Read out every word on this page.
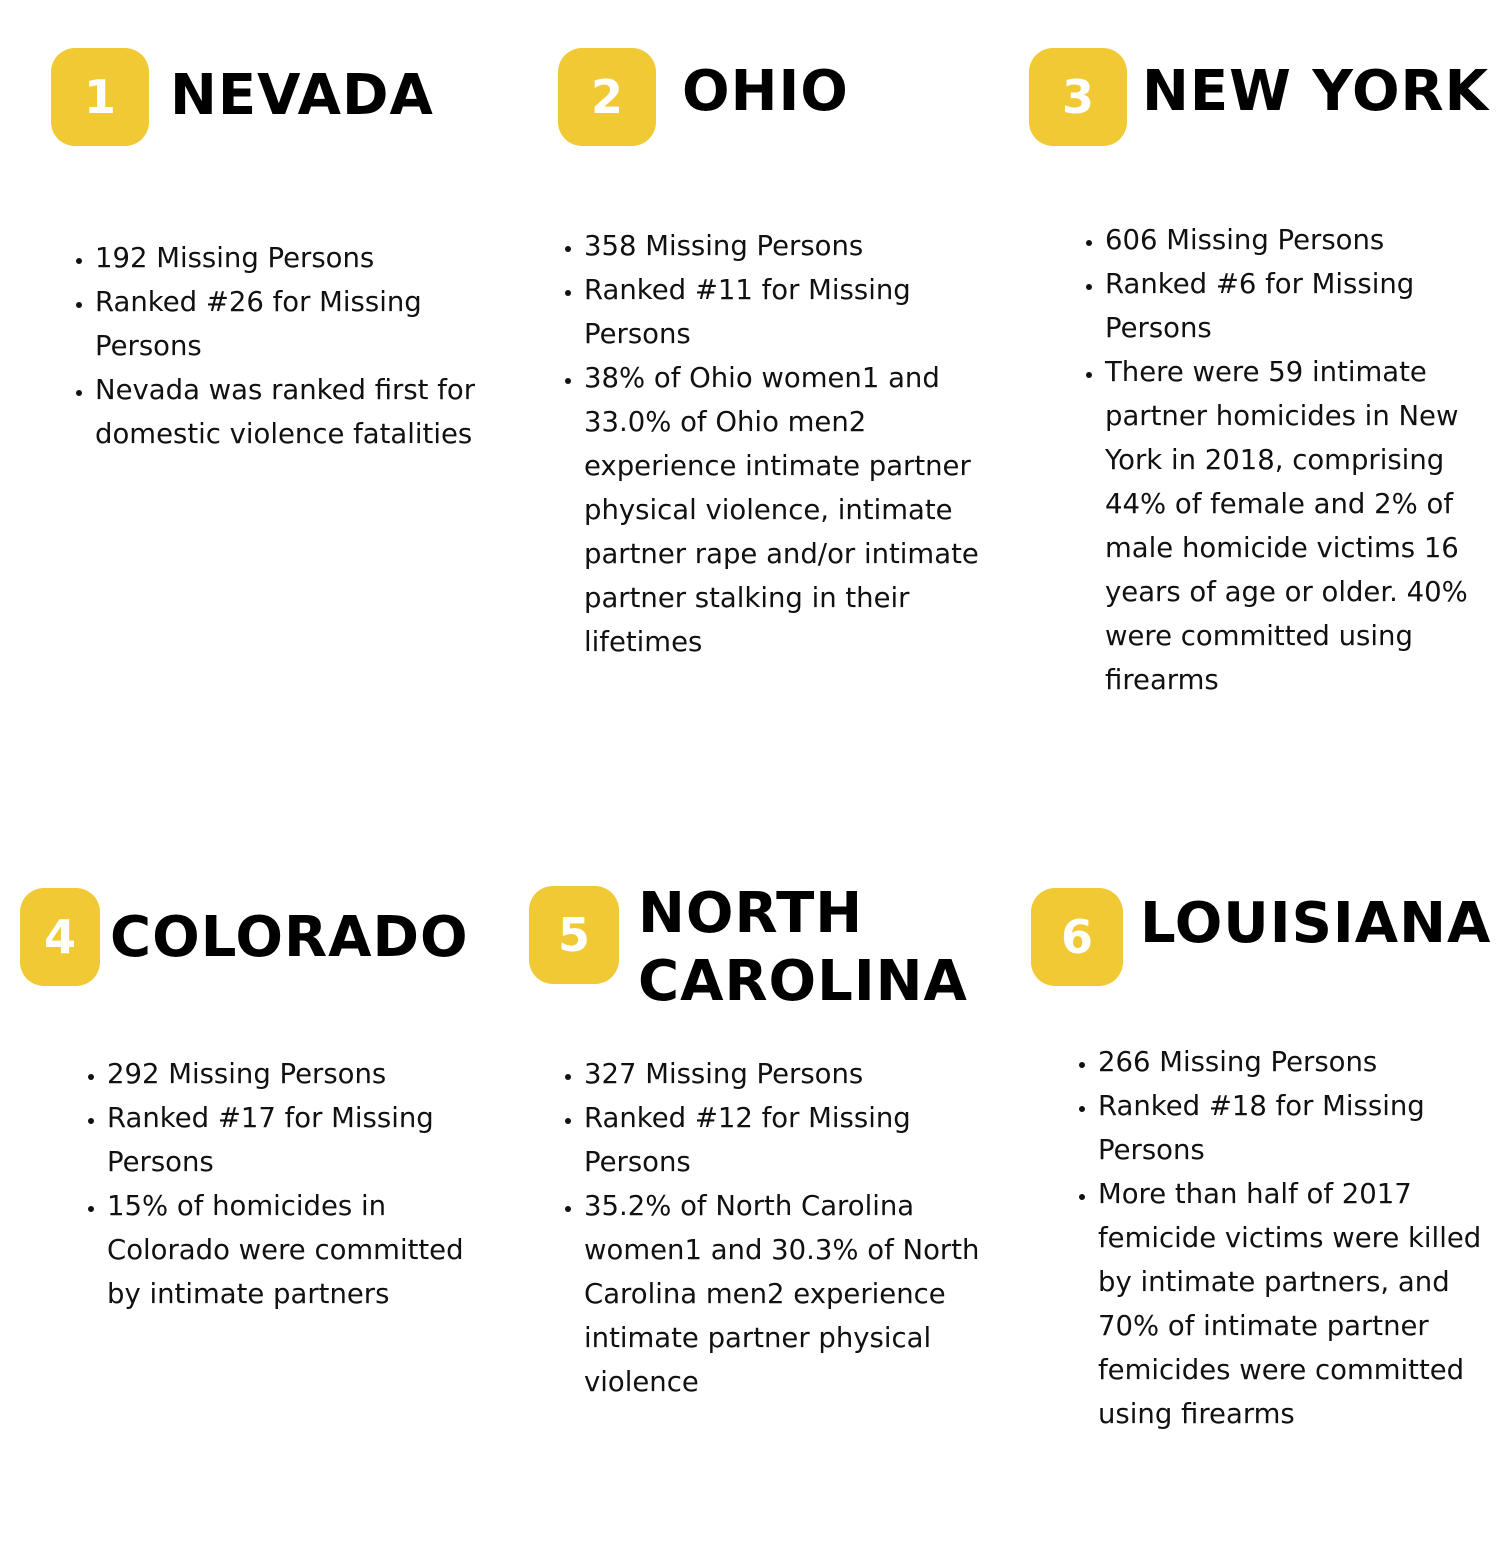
1 NEVADA
• 192 Missing Persons
• Ranked #26 for Missing Persons
• Nevada was ranked first for domestic violence fatalities
2	OHIO
• 358 Missing Persons
• Ranked #11 for Missing Persons
• 38% of Ohio women1 and 33.0% of Ohio men2 experience intimate partner physical violence, intimate partner rape and/or intimate partner stalking in their lifetimes
3 NEW YORK
• 606 Missing Persons
• Ranked #6 for Missing Persons
• There were 59 intimate partner homicides in New York in 2018, comprising 44% of female and 2% of male homicide victims 16 years of age or older. 40% were committed using firearms
4 COLORADO
• 292 Missing Persons
• Ranked #17 for Missing Persons
• 15% of homicides in Colorado were committed by intimate partners
5 NORTH
CAROLINA
• 327 Missing Persons
• Ranked #12 for Missing Persons
• 35.2% of North Carolina women1 and 30.3% of North Carolina men2 experience intimate partner physical violence
6 LOUISIANA
• 266 Missing Persons
• Ranked #18 for Missing Persons
• More than half of 2017 femicide victims were killed by intimate partners, and 70% of intimate partner femicides were committed using firearms
